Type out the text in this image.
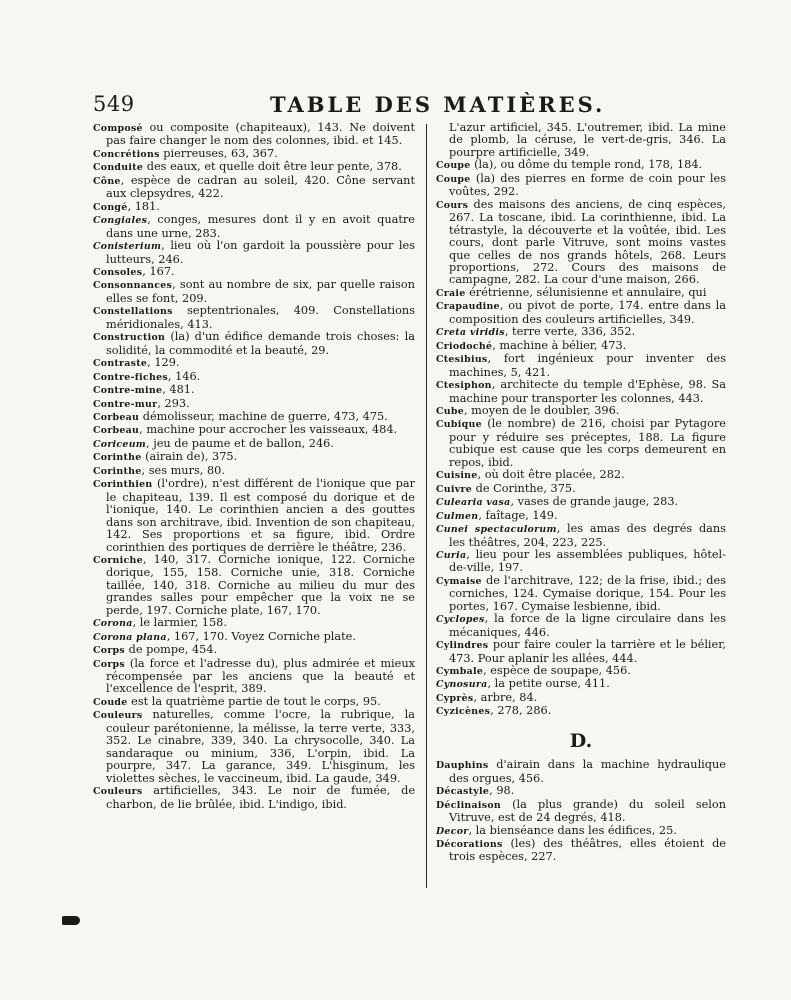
549	TABLE DES MATIÈRES.

Composé ou composite (chapiteaux), 143. Ne doivent pas faire changer le nom des colonnes, ibid. et 145.

Concrétions pierreuses, 63, 367.

Conduite des eaux, et quelle doit être leur pente, 378.

Cône, espèce de cadran au soleil, 420. Cône servant aux clepsydres, 422.

Congé, 181.

Congiales, conges, mesures dont il y en avoit quatre dans une urne, 283.

Conisterium, lieu où l'on gardoit la poussière pour les lutteurs, 246.

Consoles, 167.

Consonnances, sont au nombre de six, par quelle raison elles se font, 209.

Constellations septentrionales, 409. Constellations méridionales, 413.

Construction (la) d'un édifice demande trois choses: la solidité, la commodité et la beauté, 29.

Contraste, 129.

Contre-fiches, 146.

Contre-mine, 481.

Contre-mur, 293.

Corbeau démolisseur, machine de guerre, 473, 475.

Corbeau, machine pour accrocher les vaisseaux, 484.

Coriceum, jeu de paume et de ballon, 246.

Corinthe (airain de), 375.

Corinthe, ses murs, 80.

Corinthien (l'ordre), n'est différent de l'ionique que par le chapiteau, 139. Il est composé du dorique et de l'ionique, 140. Le corinthien ancien a des gouttes dans son architrave, ibid. Invention de son chapiteau, 142. Ses proportions et sa figure, ibid. Ordre corinthien des portiques de derrière le théâtre, 236.

Corniche, 140, 317. Corniche ionique, 122. Corniche dorique, 155, 158. Corniche unie, 318. Corniche taillée, 140, 318. Corniche au milieu du mur des grandes salles pour empêcher que la voix ne se perde, 197. Corniche plate, 167, 170.

Corona, le larmier, 158.

Corona plana, 167, 170. Voyez Corniche plate.

Corps de pompe, 454.

Corps (la force et l'adresse du), plus admirée et mieux récompensée par les anciens que la beauté et l'excellence de l'esprit, 389.

Coude est la quatrième partie de tout le corps, 95.

Couleurs naturelles, comme l'ocre, la rubrique, la couleur parétonienne, la mélisse, la terre verte, 333, 352. Le cinabre, 339, 340. La chrysocolle, 340. La sandaraque ou minium, 336, L'orpin, ibid. La pourpre, 347. La garance, 349. L'hisginum, les violettes sèches, le vaccineum, ibid. La gaude, 349.

Couleurs artificielles, 343. Le noir de fumée, de charbon, de lie brûlée, ibid. L'indigo, ibid.

L'azur artificiel, 345. L'outremer, ibid. La mine de plomb, la céruse, le vert-de-gris, 346. La pourpre artificielle, 349.

Coupe (la), ou dôme du temple rond, 178, 184.

Coupe (la) des pierres en forme de coin pour les voûtes, 292.

Cours des maisons des anciens, de cinq espèces, 267. La toscane, ibid. La corinthienne, ibid. La tétrastyle, la découverte et la voûtée, ibid. Les cours, dont parle Vitruve, sont moins vastes que celles de nos grands hôtels, 268. Leurs proportions, 272. Cours des maisons de campagne, 282. La cour d'une maison, 266.

Craie érétrienne, sélunisienne et annulaire, qui

Crapaudine, ou pivot de porte, 174. entre dans la composition des couleurs artificielles, 349.

Creta viridis, terre verte, 336, 352.

Criodoché, machine à bélier, 473.

Ctesibius, fort ingénieux pour inventer des machines, 5, 421.

Ctesiphon, architecte du temple d'Ephèse, 98. Sa machine pour transporter les colonnes, 443.

Cube, moyen de le doubler, 396.

Cubique (le nombre) de 216, choisi par Pytagore pour y réduire ses préceptes, 188. La figure cubique est cause que les corps demeurent en repos, ibid.

Cuisine, où doit être placée, 282.

Cuivre de Corinthe, 375.

Culearia vasa, vases de grande jauge, 283.

Culmen, faîtage, 149.

Cunei spectaculorum, les amas des degrés dans les théâtres, 204, 223, 225.

Curia, lieu pour les assemblées publiques, hôtel-de-ville, 197.

Cymaise de l'architrave, 122; de la frise, ibid.; des corniches, 124. Cymaise dorique, 154. Pour les portes, 167. Cymaise lesbienne, ibid.

Cyclopes, la force de la ligne circulaire dans les mécaniques, 446.

Cylindres pour faire couler la tarrière et le bélier, 473. Pour aplanir les allées, 444.

Cymbale, espèce de soupape, 456.

Cynosura, la petite ourse, 411.

Cyprès, arbre, 84.

Cyzicènes, 278, 286.

D.

Dauphins d'airain dans la machine hydraulique des orgues, 456.

Décastyle, 98.

Déclinaison (la plus grande) du soleil selon Vitruve, est de 24 degrés, 418.

Decor, la bienséance dans les édifices, 25.

Décorations (les) des théâtres, elles étoient de trois espèces, 227.
